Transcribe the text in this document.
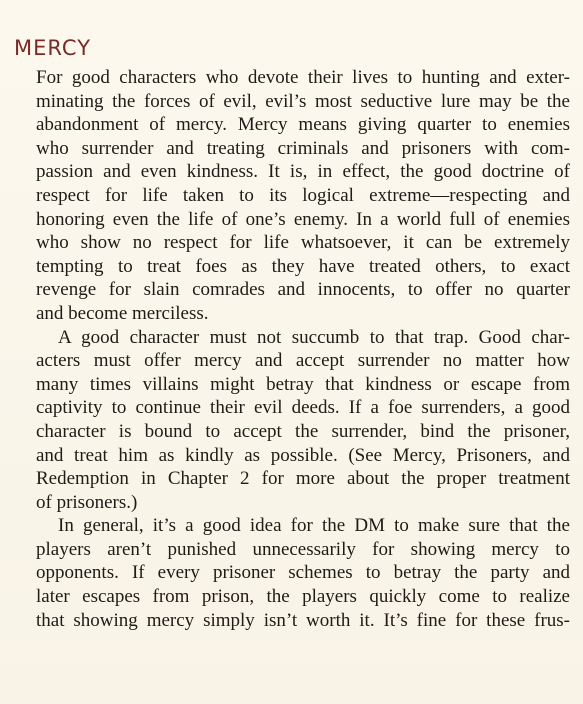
MERCY
For good characters who devote their lives to hunting and exter-
minating the forces of evil, evil’s most seductive lure may be the
abandonment of mercy. Mercy means giving quarter to enemies
who surrender and treating criminals and prisoners with com-
passion and even kindness. It is, in effect, the good doctrine of
respect for life taken to its logical extreme—respecting and
honoring even the life of one’s enemy. In a world full of enemies
who show no respect for life whatsoever, it can be extremely
tempting to treat foes as they have treated others, to exact
revenge for slain comrades and innocents, to offer no quarter
and become merciless.
A good character must not succumb to that trap. Good char-
acters must offer mercy and accept surrender no matter how
many times villains might betray that kindness or escape from
captivity to continue their evil deeds. If a foe surrenders, a good
character is bound to accept the surrender, bind the prisoner,
and treat him as kindly as possible. (See Mercy, Prisoners, and
Redemption in Chapter 2 for more about the proper treatment
of prisoners.)
In general, it’s a good idea for the DM to make sure that the
players aren’t punished unnecessarily for showing mercy to
opponents. If every prisoner schemes to betray the party and
later escapes from prison, the players quickly come to realize
that showing mercy simply isn’t worth it. It’s fine for these frus-
